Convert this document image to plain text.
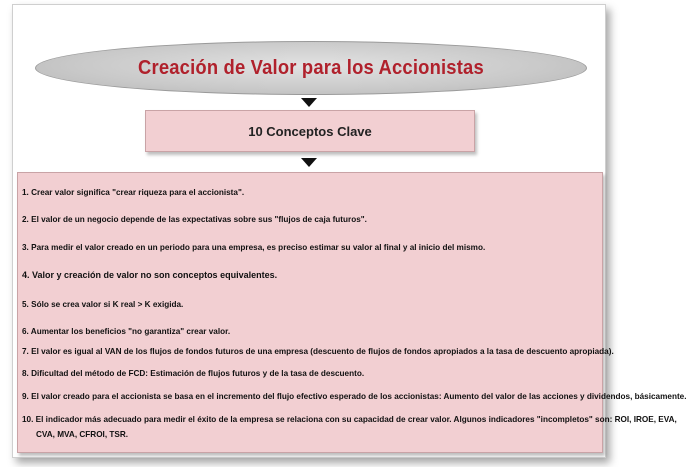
Creación de Valor para los Accionistas
10 Conceptos Clave
1. Crear valor significa "crear riqueza para el accionista".
2. El valor de un negocio depende de las expectativas sobre sus "flujos de caja futuros".
3. Para medir el valor creado en un periodo para una empresa, es preciso estimar su valor al final y al inicio del mismo.
4. Valor y creación de valor no son conceptos equivalentes.
5. Sólo se crea valor si K real > K exigida.
6. Aumentar los beneficios "no garantiza" crear valor.
7. El valor es igual al VAN de los flujos de fondos futuros de una empresa (descuento de flujos de fondos apropiados a la tasa de descuento apropiada).
8. Dificultad del método de FCD: Estimación de flujos futuros y de la tasa de descuento.
9. El valor creado para el accionista se basa en el incremento del flujo efectivo esperado de los accionistas: Aumento del valor de las acciones y dividendos, básicamente.
10. El indicador más adecuado para medir el éxito de la empresa se relaciona con su capacidad de crear valor. Algunos indicadores "incompletos" son: ROI, IROE, EVA,
CVA, MVA, CFROI, TSR.
